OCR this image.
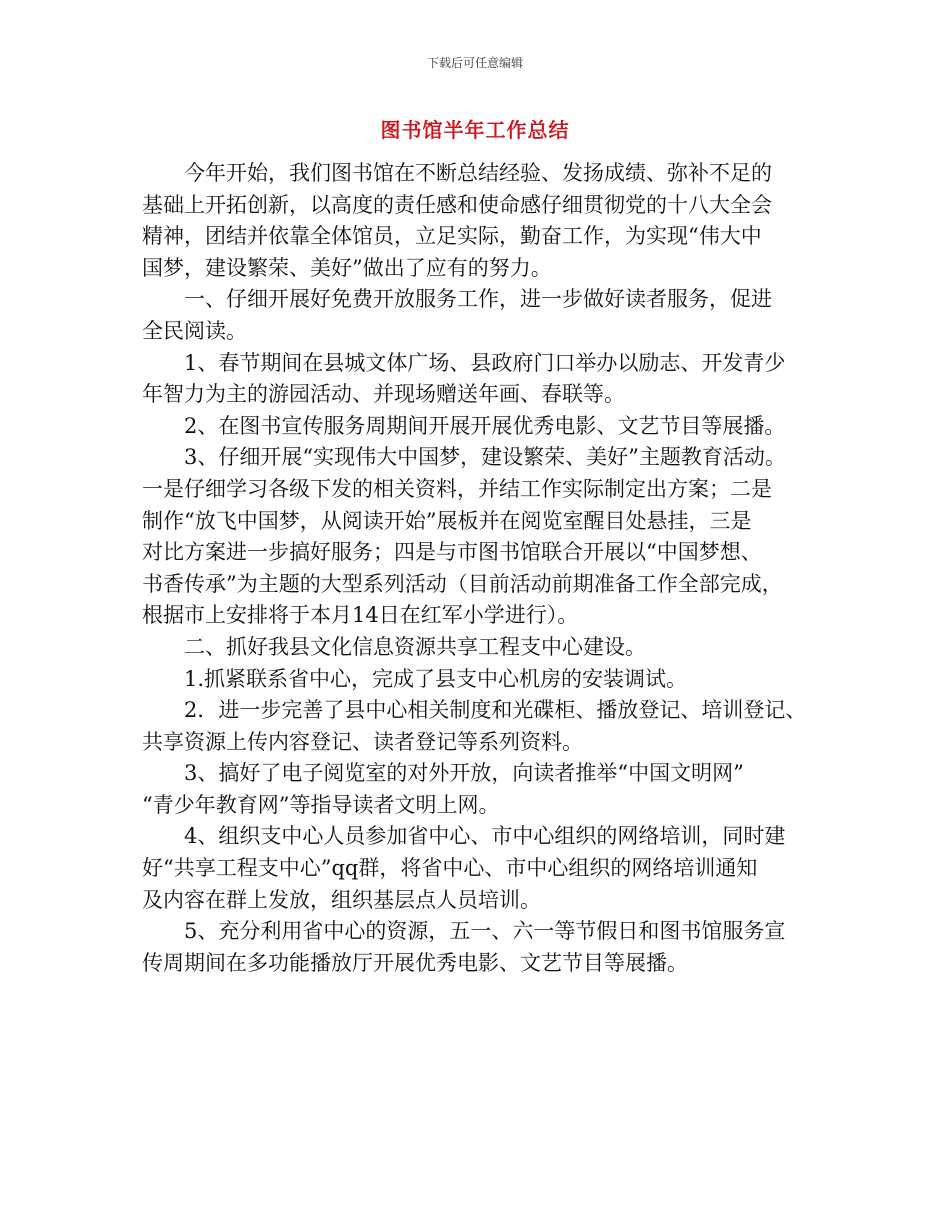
下载后可任意编辑
图书馆半年工作总结
今年开始，我们图书馆在不断总结经验、发扬成绩、弥补不足的
基础上开拓创新，以高度的责任感和使命感仔细贯彻党的十八大全会
精神，团结并依靠全体馆员，立足实际，勤奋工作，为实现“伟大中
国梦，建设繁荣、美好”做出了应有的努力。
一、仔细开展好免费开放服务工作，进一步做好读者服务，促进
全民阅读。
1、春节期间在县城文体广场、县政府门口举办以励志、开发青少
年智力为主的游园活动、并现场赠送年画、春联等。
2、在图书宣传服务周期间开展开展优秀电影、文艺节目等展播。
3、仔细开展“实现伟大中国梦，建设繁荣、美好”主题教育活动。
一是仔细学习各级下发的相关资料，并结工作实际制定出方案；二是
制作“放飞中国梦，从阅读开始”展板并在阅览室醒目处悬挂，三是
对比方案进一步搞好服务；四是与市图书馆联合开展以“中国梦想、
书香传承”为主题的大型系列活动（目前活动前期准备工作全部完成，
根据市上安排将于本月14日在红军小学进行）。
二、抓好我县文化信息资源共享工程支中心建设。
1.抓紧联系省中心，完成了县支中心机房的安装调试。
2．进一步完善了县中心相关制度和光碟柜、播放登记、培训登记、
共享资源上传内容登记、读者登记等系列资料。
3、搞好了电子阅览室的对外开放，向读者推举“中国文明网”
“青少年教育网”等指导读者文明上网。
4、组织支中心人员参加省中心、市中心组织的网络培训，同时建
好“共享工程支中心”qq群，将省中心、市中心组织的网络培训通知
及内容在群上发放，组织基层点人员培训。
5、充分利用省中心的资源，五一、六一等节假日和图书馆服务宣
传周期间在多功能播放厅开展优秀电影、文艺节目等展播。
